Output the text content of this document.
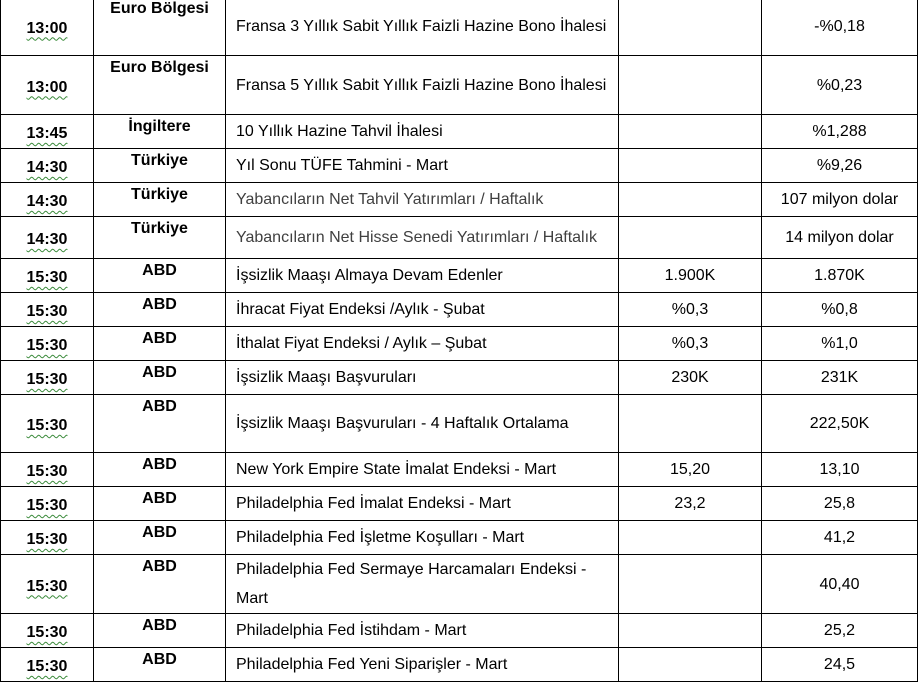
13:00	Euro Bölgesi	Fransa 3 Yıllık Sabit Yıllık Faizli Hazine Bono İhalesi		-%0,18
13:00	Euro Bölgesi	Fransa 5 Yıllık Sabit Yıllık Faizli Hazine Bono İhalesi		%0,23
13:45	İngiltere	10 Yıllık Hazine Tahvil İhalesi		%1,288
14:30	Türkiye	Yıl Sonu TÜFE Tahmini - Mart		%9,26
14:30	Türkiye	Yabancıların Net Tahvil Yatırımları / Haftalık		107 milyon dolar
14:30	Türkiye	Yabancıların Net Hisse Senedi Yatırımları / Haftalık		14 milyon dolar
15:30	ABD	İşsizlik Maaşı Almaya Devam Edenler	1.900K	1.870K
15:30	ABD	İhracat Fiyat Endeksi /Aylık - Şubat	%0,3	%0,8
15:30	ABD	İthalat Fiyat Endeksi / Aylık – Şubat	%0,3	%1,0
15:30	ABD	İşsizlik Maaşı Başvuruları	230K	231K
15:30	ABD	İşsizlik Maaşı Başvuruları - 4 Haftalık Ortalama		222,50K
15:30	ABD	New York Empire State İmalat Endeksi - Mart	15,20	13,10
15:30	ABD	Philadelphia Fed İmalat Endeksi - Mart	23,2	25,8
15:30	ABD	Philadelphia Fed İşletme Koşulları - Mart		41,2
15:30	ABD	Philadelphia Fed Sermaye Harcamaları Endeksi - Mart		40,40
15:30	ABD	Philadelphia Fed İstihdam - Mart		25,2
15:30	ABD	Philadelphia Fed Yeni Siparişler - Mart		24,5
